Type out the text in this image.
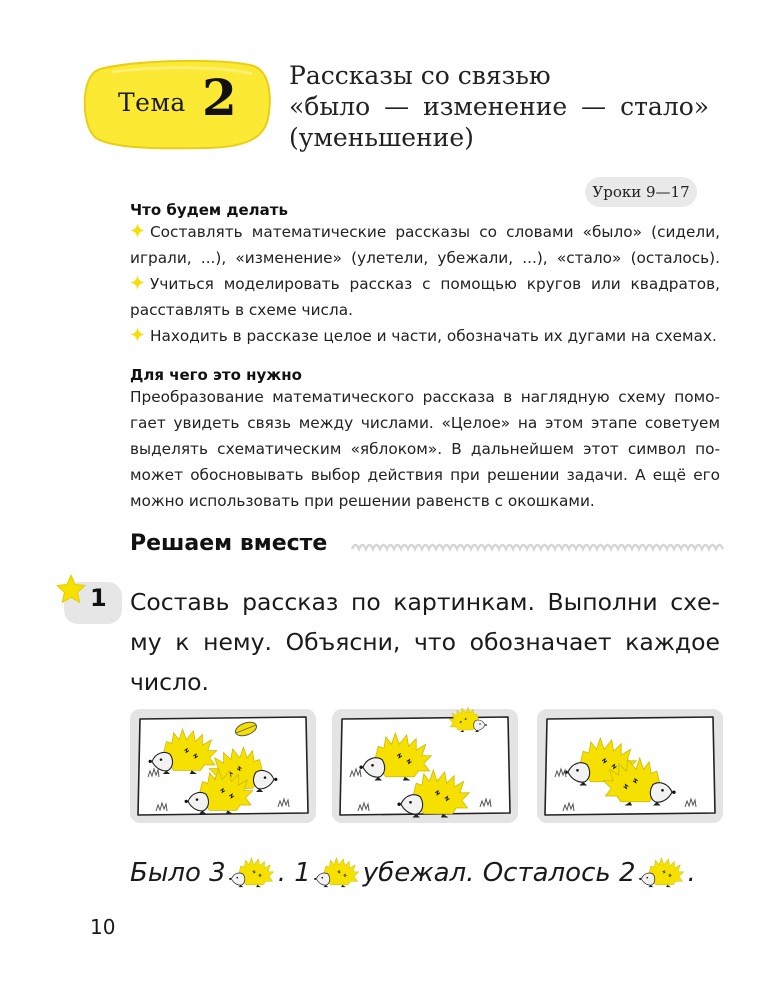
Тема 2 Рассказы со связью
«было — изменение — стало»
(уменьшение)
Уроки 9—17
Что будем делать
Составлять математические рассказы со словами «было» (сидели,
играли, ...), «изменение» (улетели, убежали, ...), «стало» (осталось).
Учиться моделировать рассказ с помощью кругов или квадратов,
расставлять в схеме числа.
Находить в рассказе целое и части, обозначать их дугами на схемах.
Для чего это нужно
Преобразование математического рассказа в наглядную схему помо-
гает увидеть связь между числами. «Целое» на этом этапе советуем
выделять схематическим «яблоком». В дальнейшем этот символ по-
может обосновывать выбор действия при решении задачи. А ещё его
можно использовать при решении равенств с окошками.
Решаем вместе
1 Составь рассказ по картинкам. Выполни схе-
му к нему. Объясни, что обозначает каждое
число.
Было 3 . 1 убежал. Осталось 2 .
10
